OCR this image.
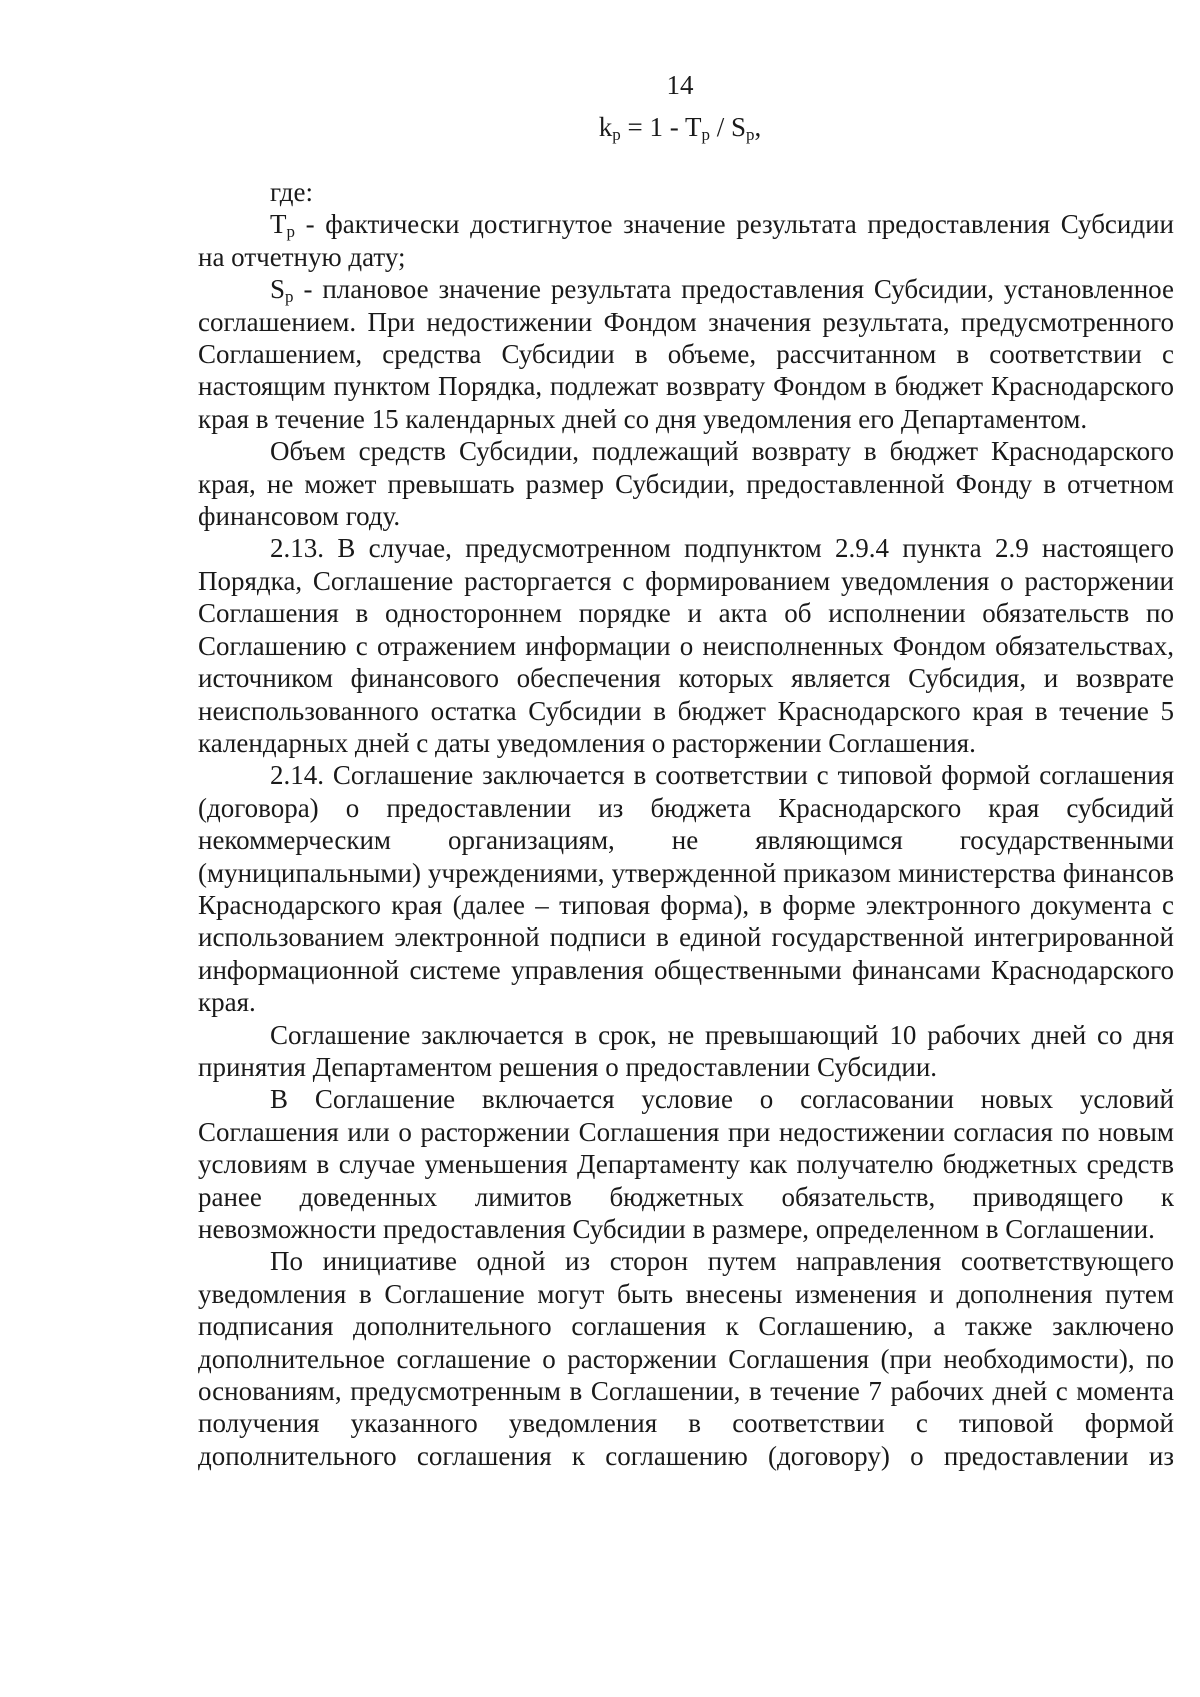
14
$k_p = 1 - T_p / S_p$,

где:

$T_p$ - фактически достигнутое значение результата предоставления Субсидии на отчетную дату;

$S_p$ - плановое значение результата предоставления Субсидии, установленное соглашением. При недостижении Фондом значения результата, предусмотренного Соглашением, средства Субсидии в объеме, рассчитанном в соответствии с настоящим пунктом Порядка, подлежат возврату Фондом в бюджет Краснодарского края в течение 15 календарных дней со дня уведомления его Департаментом.

Объем средств Субсидии, подлежащий возврату в бюджет Краснодарского края, не может превышать размер Субсидии, предоставленной Фонду в отчетном финансовом году.

2.13. В случае, предусмотренном подпунктом 2.9.4 пункта 2.9 настоящего Порядка, Соглашение расторгается с формированием уведомления о расторжении Соглашения в одностороннем порядке и акта об исполнении обязательств по Соглашению с отражением информации о неисполненных Фондом обязательствах, источником финансового обеспечения которых является Субсидия, и возврате неиспользованного остатка Субсидии в бюджет Краснодарского края в течение 5 календарных дней с даты уведомления о расторжении Соглашения.

2.14. Соглашение заключается в соответствии с типовой формой соглашения (договора) о предоставлении из бюджета Краснодарского края субсидий некоммерческим организациям, не являющимся государственными (муниципальными) учреждениями, утвержденной приказом министерства финансов Краснодарского края (далее – типовая форма), в форме электронного документа с использованием электронной подписи в единой государственной интегрированной информационной системе управления общественными финансами Краснодарского края.

Соглашение заключается в срок, не превышающий 10 рабочих дней со дня принятия Департаментом решения о предоставлении Субсидии.

В Соглашение включается условие о согласовании новых условий Соглашения или о расторжении Соглашения при недостижении согласия по новым условиям в случае уменьшения Департаменту как получателю бюджетных средств ранее доведенных лимитов бюджетных обязательств, приводящего к невозможности предоставления Субсидии в размере, определенном в Соглашении.

По инициативе одной из сторон путем направления соответствующего уведомления в Соглашение могут быть внесены изменения и дополнения путем подписания дополнительного соглашения к Соглашению, а также заключено дополнительное соглашение о расторжении Соглашения (при необходимости), по основаниям, предусмотренным в Соглашении, в течение 7 рабочих дней с момента получения указанного уведомления в соответствии с типовой формой дополнительного соглашения к соглашению (договору) о предоставлении из
